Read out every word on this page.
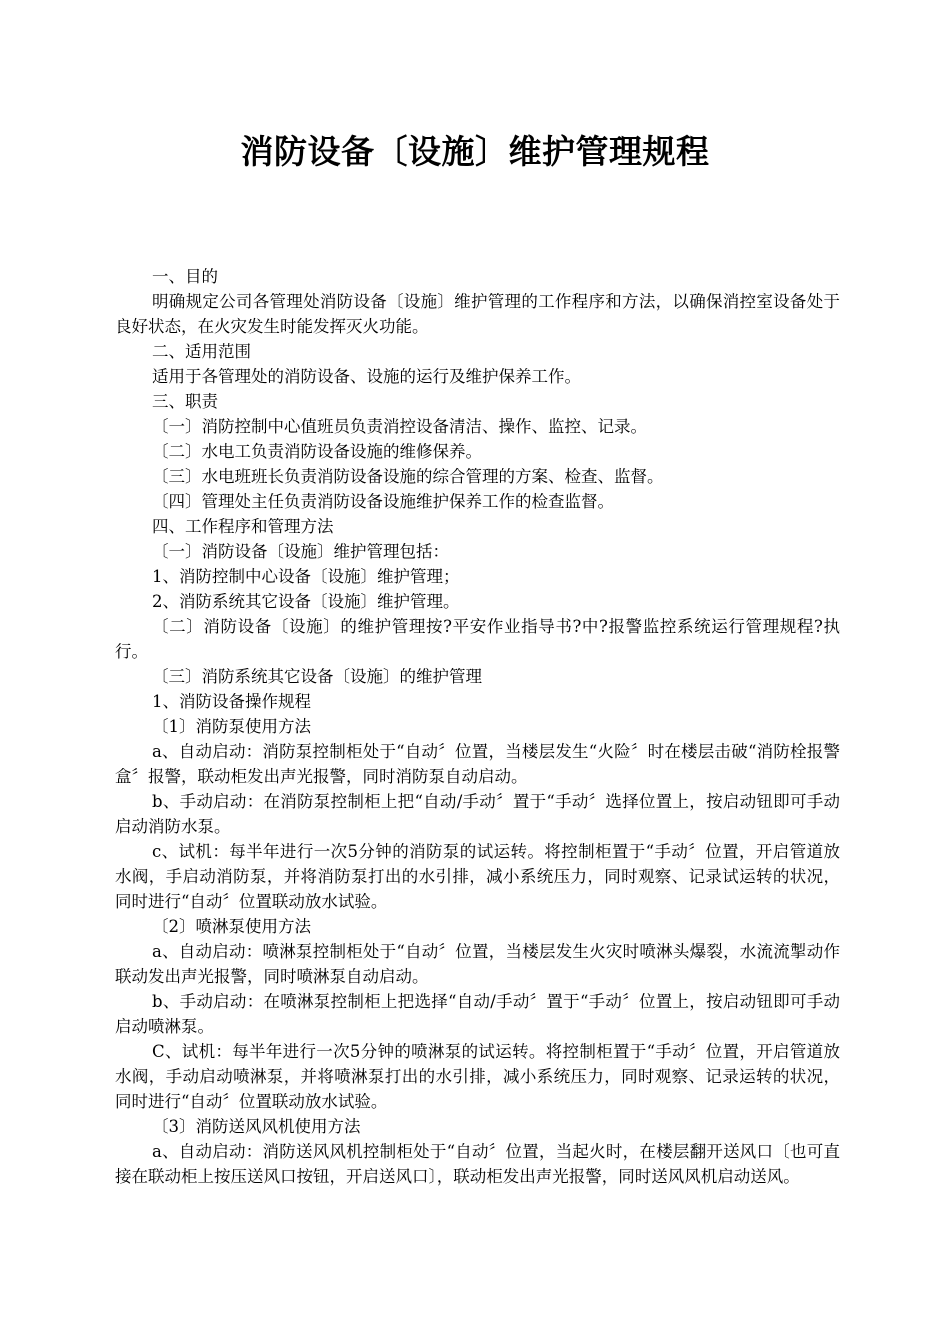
消防设备〔设施〕维护管理规程

一、目的

明确规定公司各管理处消防设备〔设施〕维护管理的工作程序和方法，以确保消控室设备处于良好状态，在火灾发生时能发挥灭火功能。

二、适用范围

适用于各管理处的消防设备、设施的运行及维护保养工作。

三、职责

〔一〕消防控制中心值班员负责消控设备清洁、操作、监控、记录。

〔二〕水电工负责消防设备设施的维修保养。

〔三〕水电班班长负责消防设备设施的综合管理的方案、检查、监督。

〔四〕管理处主任负责消防设备设施维护保养工作的检查监督。

四、工作程序和管理方法

〔一〕消防设备〔设施〕维护管理包括：

1、消防控制中心设备〔设施〕维护管理；

2、消防系统其它设备〔设施〕维护管理。

〔二〕消防设备〔设施〕的维护管理按?平安作业指导书?中?报警监控系统运行管理规程?执行。

〔三〕消防系统其它设备〔设施〕的维护管理

1、消防设备操作规程

〔1〕消防泵使用方法

a、自动启动：消防泵控制柜处于“自动〞位置，当楼层发生“火险〞时在楼层击破“消防栓报警盒〞报警，联动柜发出声光报警，同时消防泵自动启动。

b、手动启动：在消防泵控制柜上把“自动/手动〞置于“手动〞选择位置上，按启动钮即可手动启动消防水泵。

c、试机：每半年进行一次5分钟的消防泵的试运转。将控制柜置于“手动〞位置，开启管道放水阀，手启动消防泵，并将消防泵打出的水引排，减小系统压力，同时观察、记录试运转的状况，同时进行“自动〞位置联动放水试验。

〔2〕喷淋泵使用方法

a、自动启动：喷淋泵控制柜处于“自动〞位置，当楼层发生火灾时喷淋头爆裂，水流流掣动作联动发出声光报警，同时喷淋泵自动启动。

b、手动启动：在喷淋泵控制柜上把选择“自动/手动〞置于“手动〞位置上，按启动钮即可手动启动喷淋泵。

C、试机：每半年进行一次5分钟的喷淋泵的试运转。将控制柜置于“手动〞位置，开启管道放水阀，手动启动喷淋泵，并将喷淋泵打出的水引排，减小系统压力，同时观察、记录运转的状况，同时进行“自动〞位置联动放水试验。

〔3〕消防送风风机使用方法

a、自动启动：消防送风风机控制柜处于“自动〞位置，当起火时，在楼层翻开送风口〔也可直接在联动柜上按压送风口按钮，开启送风口〕，联动柜发出声光报警，同时送风风机启动送风。
